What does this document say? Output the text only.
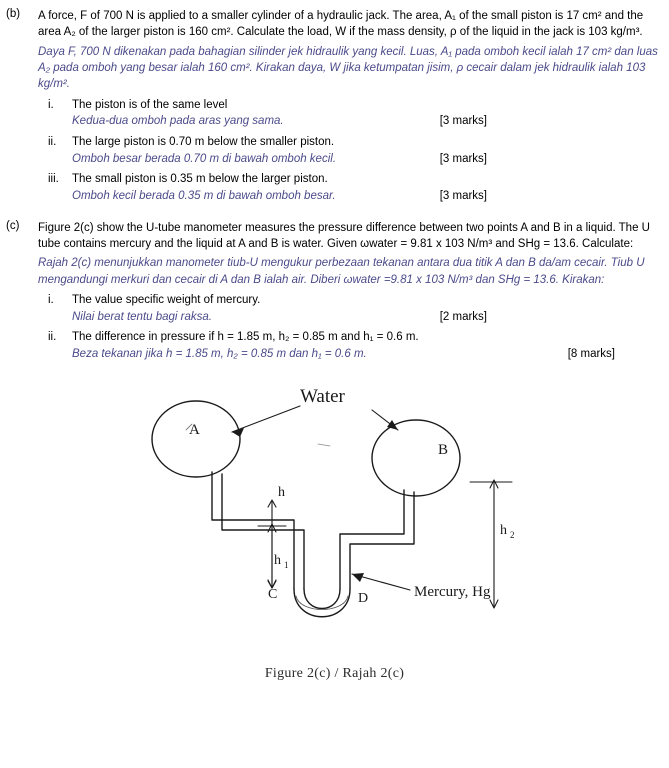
(b)	A force, F of 700 N is applied to a smaller cylinder of a hydraulic jack. The area, A₁ of the small piston is 17 cm² and the area A₂ of the larger piston is 160 cm². Calculate the load, W if the mass density, ρ of the liquid in the jack is 103 kg/m³.
Daya F, 700 N dikenakan pada bahagian silinder jek hidraulik yang kecil. Luas, A₁ pada omboh kecil ialah 17 cm² dan luas A₂ pada omboh yang besar ialah 160 cm². Kirakan daya, W jika ketumpatan jisim, ρ cecair dalam jek hidraulik ialah 103 kg/m².
i.	The piston is of the same level
Kedua-dua omboh pada aras yang sama.	[3 marks]
ii.	The large piston is 0.70 m below the smaller piston.
Omboh besar berada 0.70 m di bawah omboh kecil.	[3 marks]
iii.	The small piston is 0.35 m below the larger piston.
Omboh kecil berada 0.35 m di bawah omboh besar.	[3 marks]
(c)	Figure 2(c) show the U-tube manometer measures the pressure difference between two points A and B in a liquid. The U tube contains mercury and the liquid at A and B is water. Given ωwater = 9.81 x 103 N/m³ and SHg = 13.6. Calculate:
Rajah 2(c) menunjukkan manometer tiub-U mengukur perbezaan tekanan antara dua titik A dan B da/am cecair. Tiub U mengandungi merkuri dan cecair di A dan B ialah air. Diberi ωwater =9.81 x 103 N/m³ dan SHg = 13.6. Kirakan:
i.	The value specific weight of mercury.
Nilai berat tentu bagi raksa.	[2 marks]
ii.	The difference in pressure if h = 1.85 m, h₂ = 0.85 m and h₁ = 0.6 m.
Beza tekanan jika h = 1.85 m, h₂ = 0.85 m dan h₁ = 0.6 m.	[8 marks]
Water
A
B
h
h 1
h 2
C	D	Mercury, Hg
Figure 2(c) / Rajah 2(c)
